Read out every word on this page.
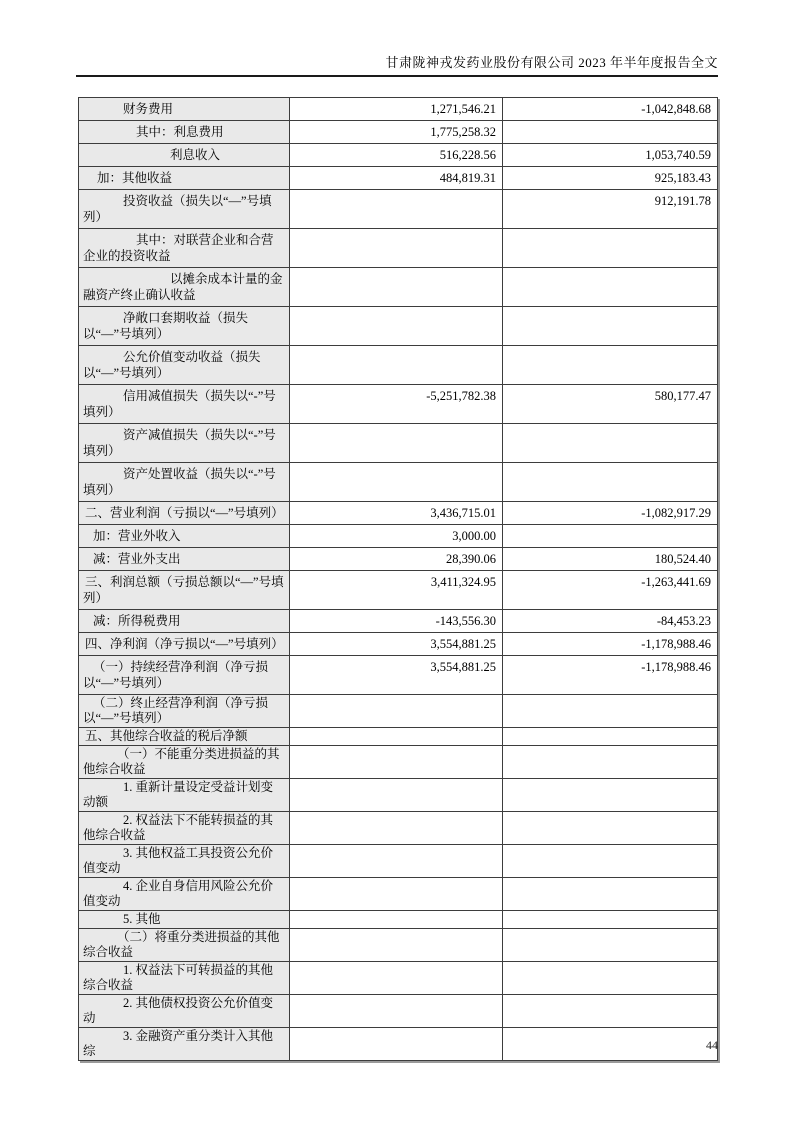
甘肃陇神戎发药业股份有限公司 2023 年半年度报告全文
财务费用	1,271,546.21	-1,042,848.68
其中：利息费用	1,775,258.32	
利息收入	516,228.56	1,053,740.59
加：其他收益	484,819.31	925,183.43
投资收益（损失以“—”号填列）		912,191.78
其中：对联营企业和合营企业的投资收益		
以摊余成本计量的金融资产终止确认收益		
净敞口套期收益（损失以“—”号填列）		
公允价值变动收益（损失以“—”号填列）		
信用减值损失（损失以“-”号填列）	-5,251,782.38	580,177.47
资产减值损失（损失以“-”号填列）		
资产处置收益（损失以“-”号填列）		
二、营业利润（亏损以“—”号填列）	3,436,715.01	-1,082,917.29
加：营业外收入	3,000.00	
减：营业外支出	28,390.06	180,524.40
三、利润总额（亏损总额以“—”号填列）	3,411,324.95	-1,263,441.69
减：所得税费用	-143,556.30	-84,453.23
四、净利润（净亏损以“—”号填列）	3,554,881.25	-1,178,988.46
（一）持续经营净利润（净亏损以“—”号填列）	3,554,881.25	-1,178,988.46
（二）终止经营净利润（净亏损以“—”号填列）		
五、其他综合收益的税后净额		
（一）不能重分类进损益的其他综合收益		
1. 重新计量设定受益计划变动额		
2. 权益法下不能转损益的其他综合收益		
3. 其他权益工具投资公允价值变动		
4. 企业自身信用风险公允价值变动		
5. 其他		
（二）将重分类进损益的其他综合收益		
1. 权益法下可转损益的其他综合收益		
2. 其他债权投资公允价值变动		
3. 金融资产重分类计入其他综			44
